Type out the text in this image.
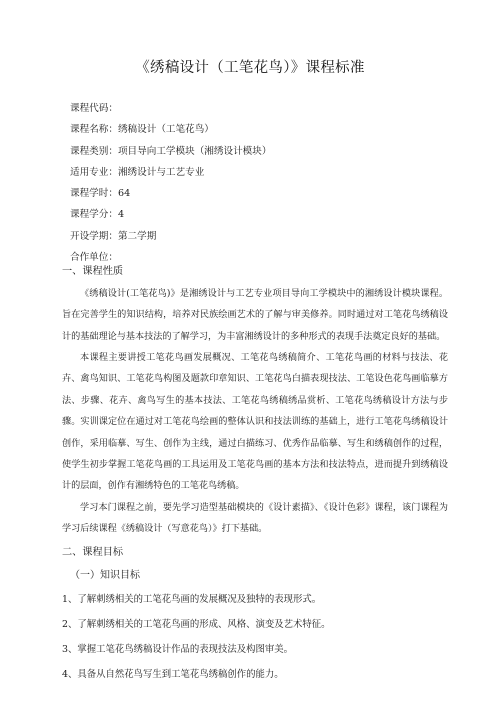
《绣稿设计（工笔花鸟）》课程标准
课程代码：
课程名称：绣稿设计（工笔花鸟）
课程类别：项目导向工学模块（湘绣设计模块）
适用专业：湘绣设计与工艺专业
课程学时：64
课程学分：4
开设学期：第二学期
合作单位：
一、课程性质

《绣稿设计(工笔花鸟)》是湘绣设计与工艺专业项目导向工学模块中的湘绣设计模块课程。旨在完善学生的知识结构，培养对民族绘画艺术的了解与审美修养。同时通过对工笔花鸟绣稿设计的基础理论与基本技法的了解学习，为丰富湘绣设计的多种形式的表现手法奠定良好的基础。

本课程主要讲授工笔花鸟画发展概况、工笔花鸟绣稿简介、工笔花鸟画的材料与技法、花卉、禽鸟知识、工笔花鸟构图及题款印章知识、工笔花鸟白描表现技法、工笔设色花鸟画临摹方法、步骤、花卉、禽鸟写生的基本技法、工笔花鸟绣稿绣品赏析、工笔花鸟绣稿设计方法与步骤。实训课定位在通过对工笔花鸟绘画的整体认识和技法训练的基础上，进行工笔花鸟绣稿设计创作，采用临摹、写生、创作为主线，通过白描练习、优秀作品临摹、写生和绣稿创作的过程，使学生初步掌握工笔花鸟画的工具运用及工笔花鸟画的基本方法和技法特点，进而提升到绣稿设计的层面，创作有湘绣特色的工笔花鸟绣稿。

学习本门课程之前，要先学习造型基础模块的《设计素描》、《设计色彩》课程，该门课程为学习后续课程《绣稿设计（写意花鸟）》打下基础。

二、课程目标
（一）知识目标
1、了解刺绣相关的工笔花鸟画的发展概况及独特的表现形式。
2、了解刺绣相关的工笔花鸟画的形成、风格、演变及艺术特征。
3、掌握工笔花鸟绣稿设计作品的表现技法及构图审美。
4、具备从自然花鸟写生到工笔花鸟绣稿创作的能力。
